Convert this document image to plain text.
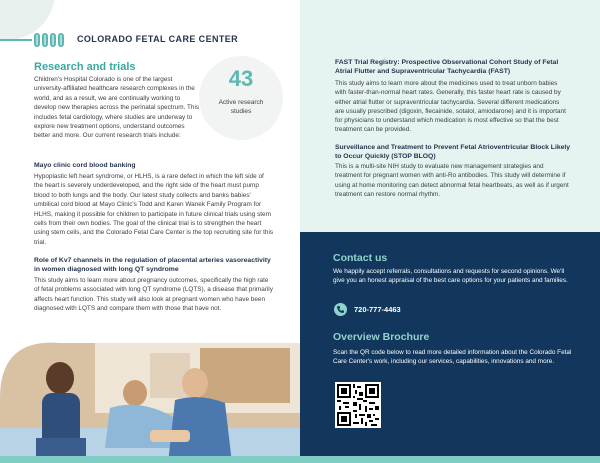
COLORADO FETAL CARE CENTER
Research and trials
Children's Hospital Colorado is one of the largest university-affiliated healthcare research complexes in the world, and as a result, we are continually working to develop new therapies across the perinatal spectrum. This includes fetal cardiology, where studies are underway to explore new treatment options, understand outcomes better and more. Our current research trials include:
43
Active research studies
Mayo clinic cord blood banking
Hypoplastic left heart syndrome, or HLHS, is a rare defect in which the left side of the heart is severely underdeveloped, and the right side of the heart must pump blood to both lungs and the body. Our latest study collects and banks babies' umbilical cord blood at Mayo Clinic's Todd and Karen Wanek Family Program for HLHS, making it possible for children to participate in future clinical trials using stem cells from their own bodies. The goal of the clinical trial is to strengthen the heart using stem cells, and the Colorado Fetal Care Center is the top recruiting site for this trial.
Role of Kv7 channels in the regulation of placental arteries vasoreactivity in women diagnosed with long QT syndrome
This study aims to learn more about pregnancy outcomes, specifically the high rate of fetal problems associated with long QT syndrome (LQTS), a disease that primarily affects heart function. This study will also look at pregnant women who have been diagnosed with LQTS and compare them with those that have not.
FAST Trial Registry: Prospective Observational Cohort Study of Fetal Atrial Flutter and Supraventricular Tachycardia (FAST)
This study aims to learn more about the medicines used to treat unborn babies with faster-than-normal heart rates. Generally, this faster heart rate is caused by either atrial flutter or supraventricular tachycardia. Several different medications are usually prescribed (digoxin, flecainide, sotalol, amiodarone) and it is important for physicians to understand which medication is most effective so that the best treatment can be provided.
Surveillance and Treatment to Prevent Fetal Atrioventricular Block Likely to Occur Quickly (STOP BLOQ)
This is a multi-site NIH study to evaluate new management strategies and treatment for pregnant women with anti-Ro antibodies. This study will determine if using at home monitoring can detect abnormal fetal heartbeats, as well as if urgent treatment can restore normal rhythm.
Contact us
We happily accept referrals, consultations and requests for second opinions. We'll give you an honest appraisal of the best care options for your patients and families.
720-777-4463
Overview Brochure
Scan the QR code below to read more detailed information about the Colorado Fetal Care Center's work, including our services, capabilities, innovations and more.
